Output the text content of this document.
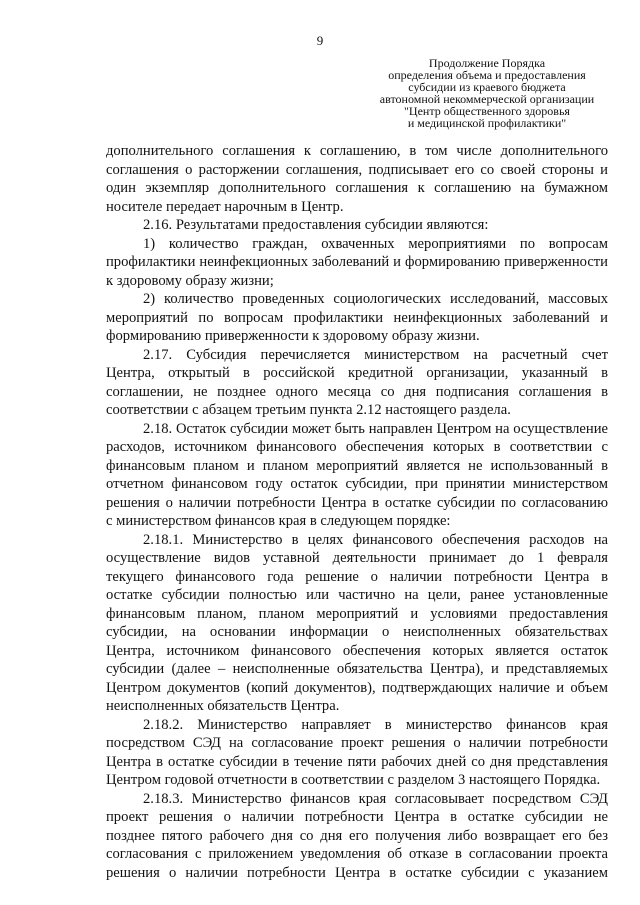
9
Продолжение Порядка
определения объема и предоставления
субсидии из краевого бюджета
автономной некоммерческой организации
"Центр общественного здоровья
и медицинской профилактики"
дополнительного соглашения к соглашению, в том числе дополнительного
соглашения о расторжении соглашения, подписывает его со своей стороны и
один экземпляр дополнительного соглашения к соглашению на бумажном
носителе передает нарочным в Центр.
2.16. Результатами предоставления субсидии являются:
1) количество граждан, охваченных мероприятиями по вопросам
профилактики неинфекционных заболеваний и формированию приверженности
к здоровому образу жизни;
2) количество проведенных социологических исследований, массовых
мероприятий по вопросам профилактики неинфекционных заболеваний и
формированию приверженности к здоровому образу жизни.
2.17. Субсидия перечисляется министерством на расчетный счет
Центра, открытый в российской кредитной организации, указанный в
соглашении, не позднее одного месяца со дня подписания соглашения в
соответствии с абзацем третьим пункта 2.12 настоящего раздела.
2.18. Остаток субсидии может быть направлен Центром на осуществление
расходов, источником финансового обеспечения которых в соответствии с
финансовым планом и планом мероприятий является не использованный в
отчетном финансовом году остаток субсидии, при принятии министерством
решения о наличии потребности Центра в остатке субсидии по согласованию
с министерством финансов края в следующем порядке:
2.18.1. Министерство в целях финансового обеспечения расходов на
осуществление видов уставной деятельности принимает до 1 февраля
текущего финансового года решение о наличии потребности Центра в
остатке субсидии полностью или частично на цели, ранее установленные
финансовым планом, планом мероприятий и условиями предоставления
субсидии, на основании информации о неисполненных обязательствах
Центра, источником финансового обеспечения которых является остаток
субсидии (далее – неисполненные обязательства Центра), и представляемых
Центром документов (копий документов), подтверждающих наличие и объем
неисполненных обязательств Центра.
2.18.2. Министерство направляет в министерство финансов края
посредством СЭД на согласование проект решения о наличии потребности
Центра в остатке субсидии в течение пяти рабочих дней со дня представления
Центром годовой отчетности в соответствии с разделом 3 настоящего Порядка.
2.18.3. Министерство финансов края согласовывает посредством СЭД
проект решения о наличии потребности Центра в остатке субсидии не
позднее пятого рабочего дня со дня его получения либо возвращает его без
согласования с приложением уведомления об отказе в согласовании проекта
решения о наличии потребности Центра в остатке субсидии с указанием
